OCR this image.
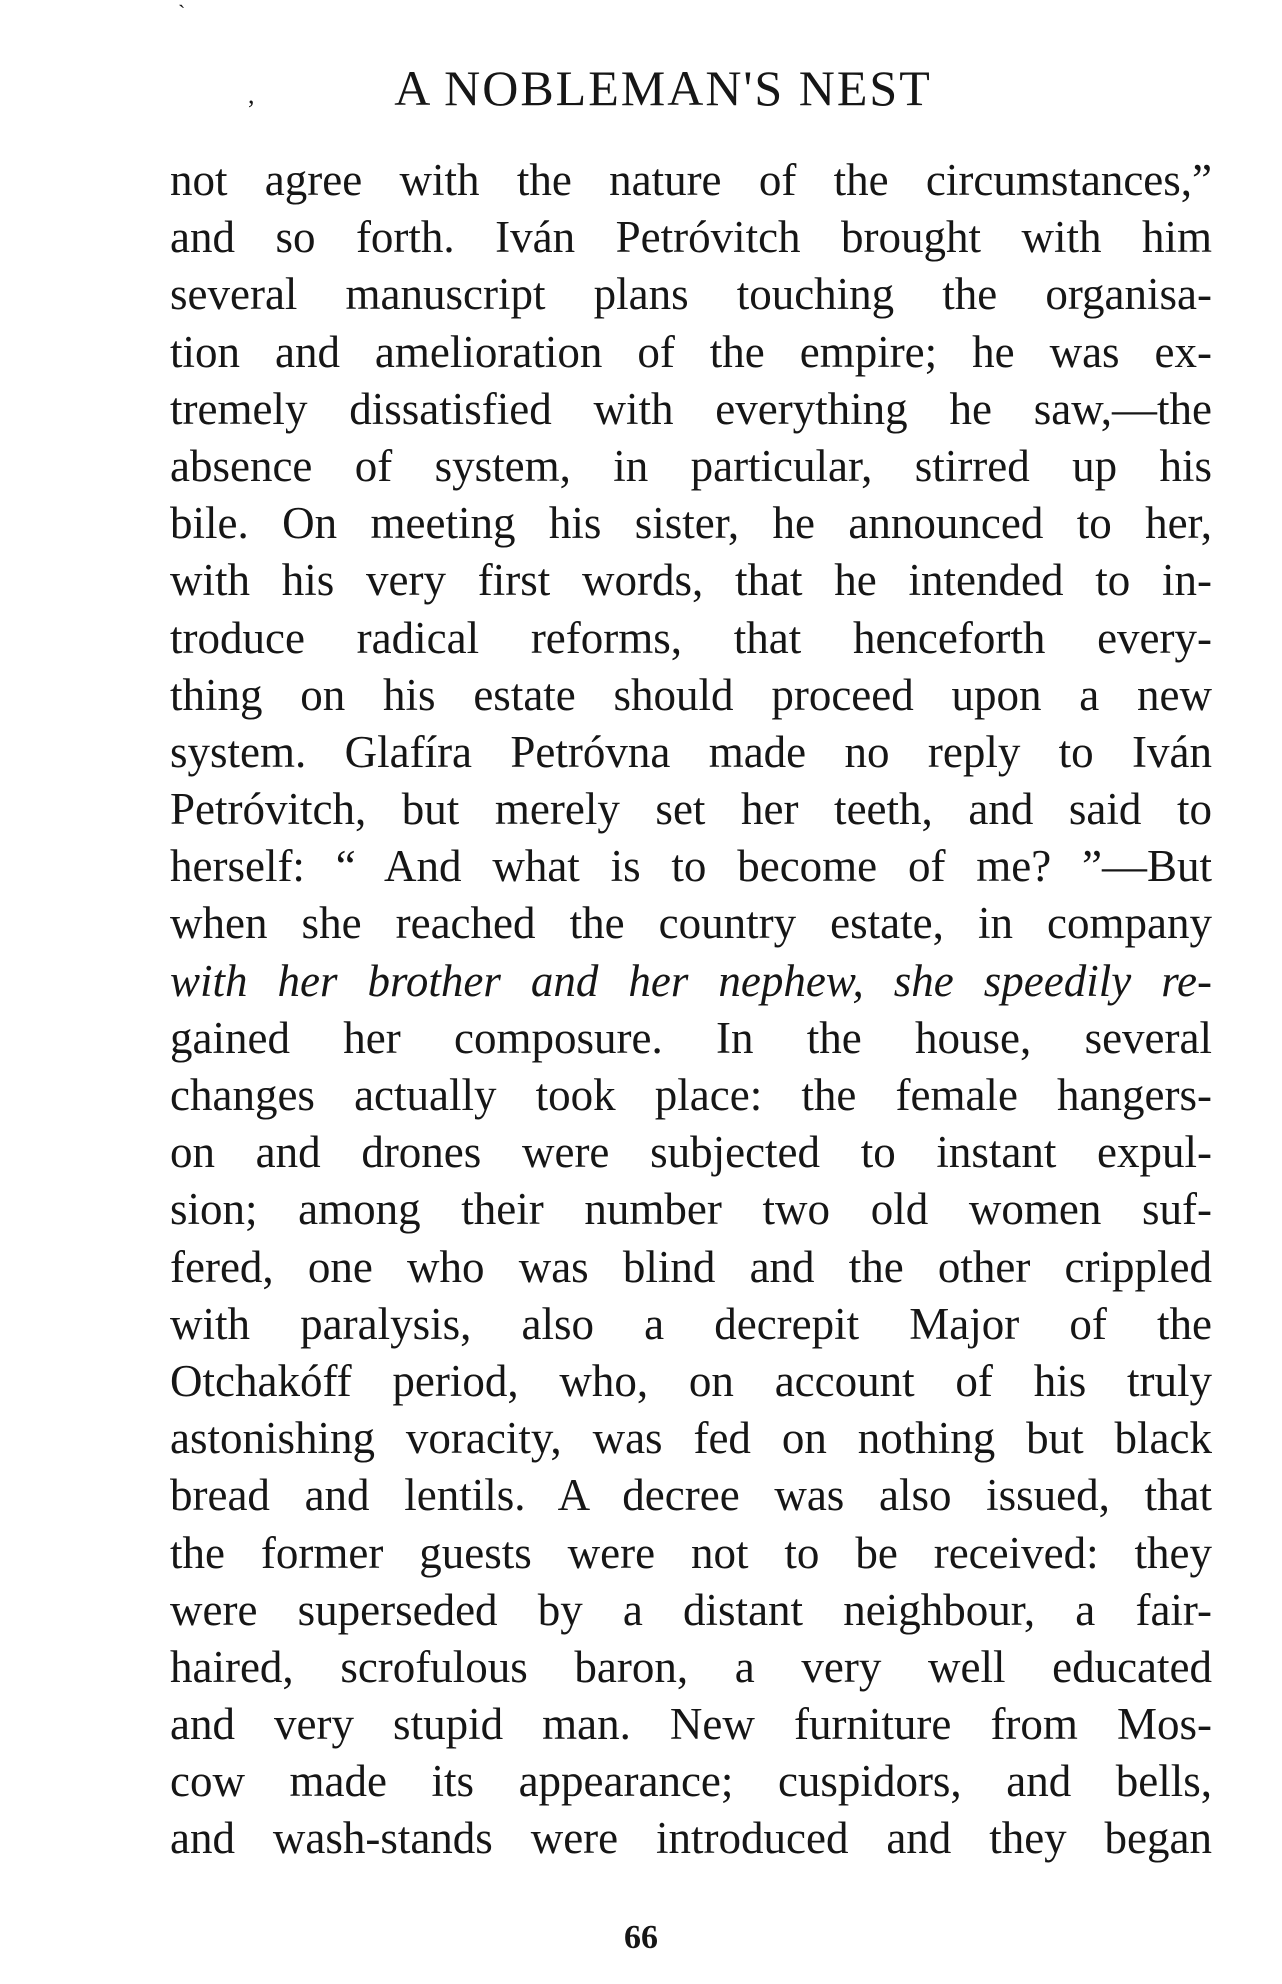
ˋ
,	A NOBLEMAN'S NEST
not agree with the nature of the circumstances,”
and so forth. Iván Petróvitch brought with him
several manuscript plans touching the organisa-
tion and amelioration of the empire; he was ex-
tremely dissatisfied with everything he saw,—the
absence of system, in particular, stirred up his
bile. On meeting his sister, he announced to her,
with his very first words, that he intended to in-
troduce radical reforms, that henceforth every-
thing on his estate should proceed upon a new
system. Glafíra Petróvna made no reply to Iván
Petróvitch, but merely set her teeth, and said to
herself: “ And what is to become of me? ”—But
when she reached the country estate, in company
with her brother and her nephew, she speedily re-
gained her composure. In the house, several
changes actually took place: the female hangers-
on and drones were subjected to instant expul-
sion; among their number two old women suf-
fered, one who was blind and the other crippled
with paralysis, also a decrepit Major of the
Otchakóff period, who, on account of his truly
astonishing voracity, was fed on nothing but black
bread and lentils. A decree was also issued, that
the former guests were not to be received: they
were superseded by a distant neighbour, a fair-
haired, scrofulous baron, a very well educated
and very stupid man. New furniture from Mos-
cow made its appearance; cuspidors, and bells,
and wash-stands were introduced and they began
66
